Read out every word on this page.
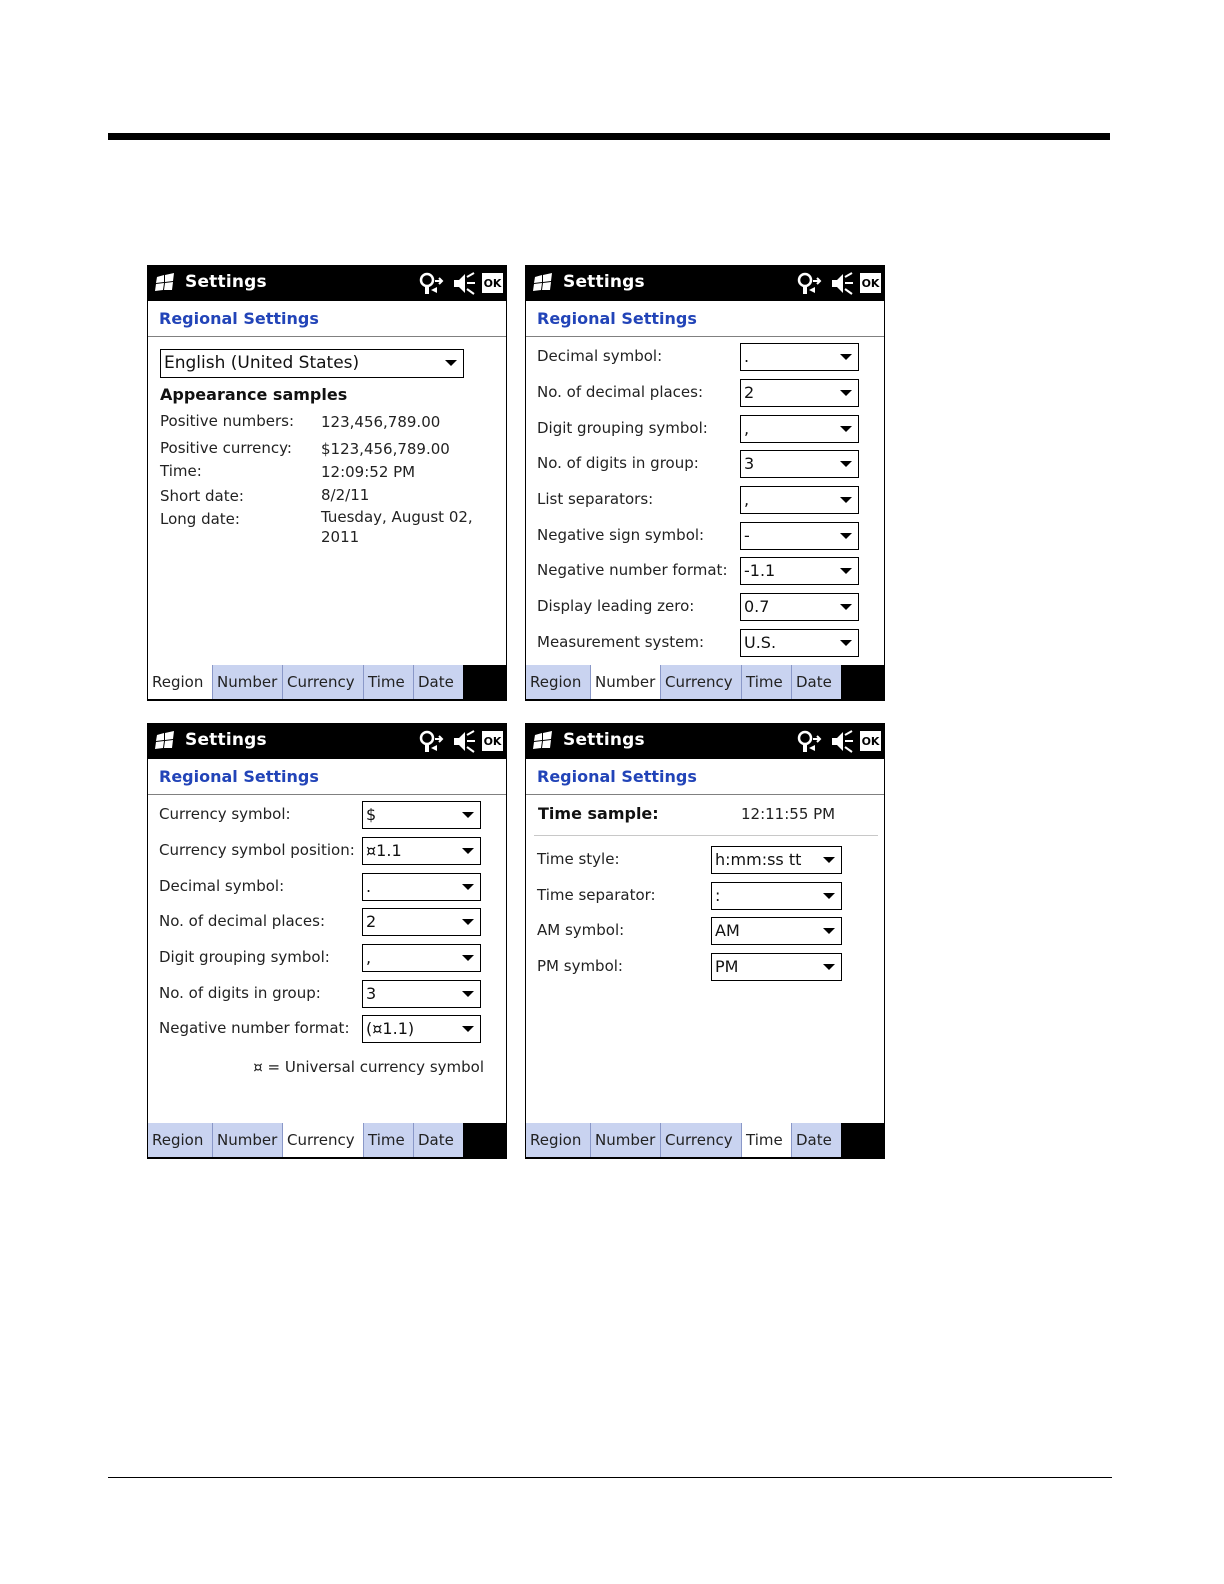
Settings	OK
Regional Settings
English (United States)
Appearance samples
Positive numbers: 123,456,789.00
Positive currency: $123,456,789.00
Time:	12:09:52 PM
Short date:	8/2/11
Long date:	Tuesday, August 02,
2011
Region Number Currency Time Date
Settings	OK
Regional Settings
Decimal symbol:	.
No. of decimal places:	2
Digit grouping symbol: ,
No. of digits in group:	3
List separators:	,
Negative sign symbol: -
Negative number format: -1.1
Display leading zero:	0.7
Measurement system: U.S.
Region Number Currency Time Date
Settings	OK
Regional Settings
Currency symbol:	$
Currency symbol position: ¤1.1
Decimal symbol:	.
No. of decimal places:	2
Digit grouping symbol: ,
No. of digits in group:	3
Negative number format: (¤1.1)
¤ = Universal currency symbol
Region Number Currency Time Date
Settings	OK
Regional Settings
Time sample:	12:11:55 PM
Time style:	h:mm:ss tt
Time separator:	:
AM symbol:	AM
PM symbol:	PM
Region Number Currency Time Date
